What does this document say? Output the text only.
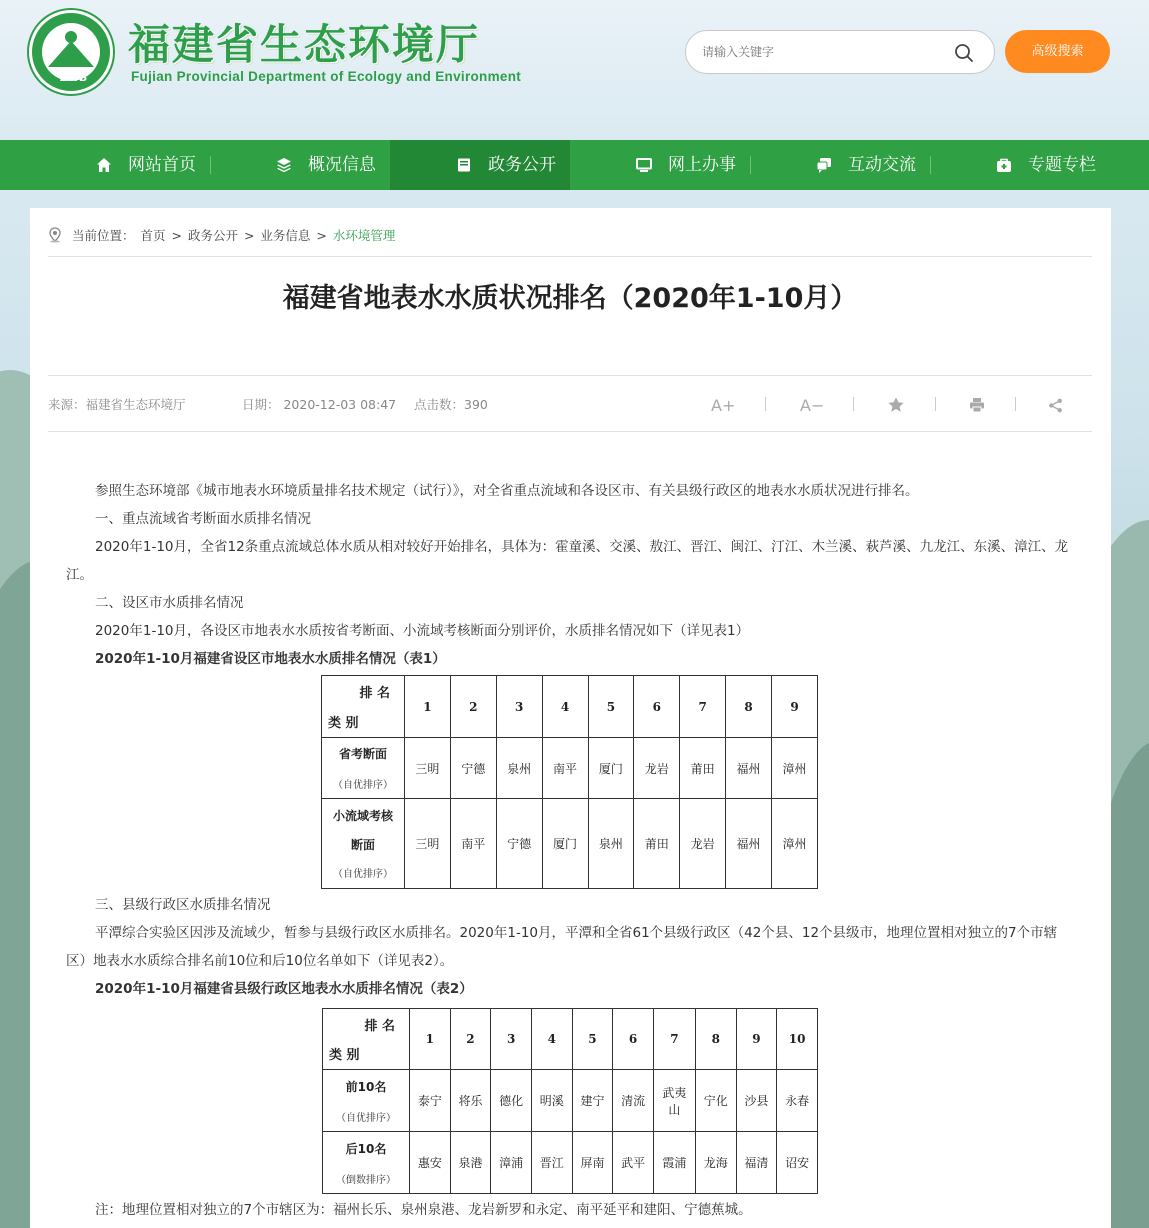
ZHB
福建省生态环境厅
Fujian Provincial Department of Ecology and Environment
请输入关键字
高级搜索
网站首页	概况信息	政务公开	网上办事	互动交流	专题专栏
当前位置： 首页 > 政务公开 > 业务信息 > 水环境管理
福建省地表水水质状况排名（2020年1-10月）
来源：福建省生态环境厅	日期： 2020-12-03 08:47 点击数：390	A+	A−
参照生态环境部《城市地表水环境质量排名技术规定（试行）》，对全省重点流域和各设区市、有关县级行政区的地表水水质状况进行排名。
一、重点流域省考断面水质排名情况
2020年1-10月，全省12条重点流域总体水质从相对较好开始排名，具体为：霍童溪、交溪、敖江、晋江、闽江、汀江、木兰溪、萩芦溪、九龙江、东溪、漳江、龙江。
二、设区市水质排名情况
2020年1-10月，各设区市地表水水质按省考断面、小流域考核断面分别评价，水质排名情况如下（详见表1）
2020年1-10月福建省设区市地表水水质排名情况（表1）
排 名
类 别	1	2	3	4	5	6	7	8	9

省考断面
（自优排序）	三明	宁德	泉州	南平	厦门	龙岩	莆田	福州	漳州

小流域考核
断面
（自优排序）	三明	南平	宁德	厦门	泉州	莆田	龙岩	福州	漳州
三、县级行政区水质排名情况
平潭综合实验区因涉及流域少，暂参与县级行政区水质排名。2020年1-10月，平潭和全省61个县级行政区（42个县、12个县级市，地理位置相对独立的7个市辖区）地表水水质综合排名前10位和后10位名单如下（详见表2）。
2020年1-10月福建省县级行政区地表水水质排名情况（表2）
排 名
类 别	1	2	3	4	5	6	7	8	9	10

前10名
（自优排序）	泰宁	将乐	德化	明溪	建宁	清流	武夷山	宁化	沙县	永春

后10名
（倒数排序）	惠安	泉港	漳浦	晋江	屏南	武平	霞浦	龙海	福清	诏安
注：地理位置相对独立的7个市辖区为：福州长乐、泉州泉港、龙岩新罗和永定、南平延平和建阳、宁德蕉城。
